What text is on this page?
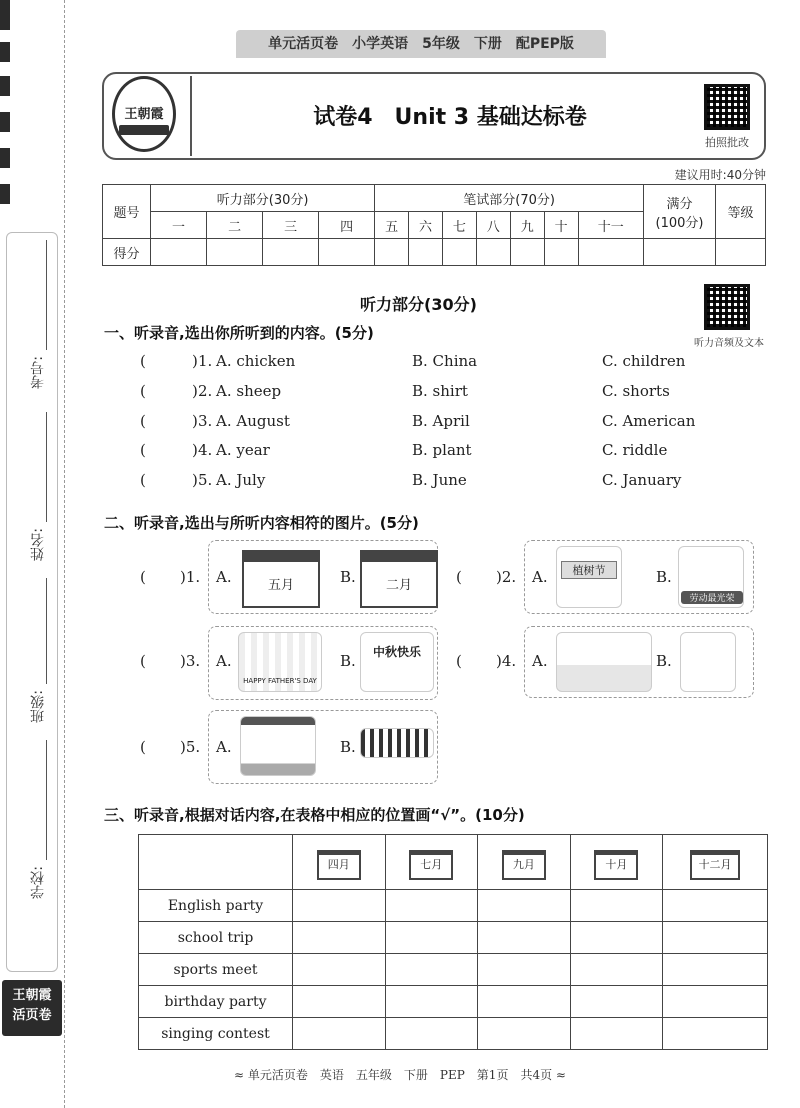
考号:
姓名:
班级:
学校:
王朝霞
活页卷
单元活页卷　小学英语　5年级　下册　配PEP版
王朝霞	试卷4　Unit 3 基础达标卷
拍照批改
建议用时:40分钟
题号	听力部分(30分)				笔试部分(70分)							满分
(100分)	等级
	一	二	三	四	五	六	七	八	九	十	十一		
得分													
听力部分(30分)
听力音频及文本
一、听录音,选出你所听到的内容。(5分)
(	) 1. A. chicken	B. China	C. children
(	) 2. A. sheep	B. shirt	C. shorts
(	) 3. A. August	B. April	C. American
(	) 4. A. year	B. plant	C. riddle
(	) 5. A. July	B. June	C. January
二、听录音,选出与所听内容相符的图片。(5分)
( )1. A.	五月	B.	二月	( )2. A.	植树节	B.
劳动最光荣
( )3. A.
HAPPY FATHER'S DAY
B.	中秋快乐	( )4. A.	B.
( )5. A.	B.
三、听录音,根据对话内容,在表格中相应的位置画“√”。(10分)
	四月	七月	九月	十月	十二月
English party					
school trip					
sports meet					
birthday party					
singing contest					
≈ 单元活页卷　英语　五年级　下册　PEP　第1页　共4页 ≈
